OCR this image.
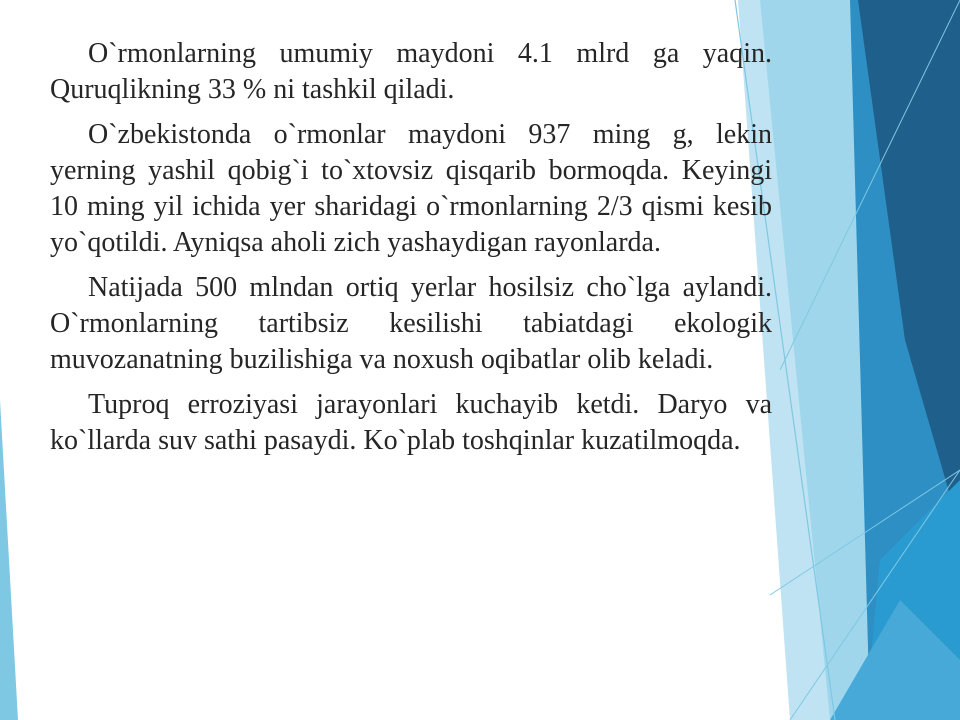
O`rmonlarning umumiy maydoni 4.1 mlrd ga yaqin. Quruqlikning 33 % ni tashkil qiladi.

O`zbekistonda o`rmonlar maydoni 937 ming g, lekin yerning yashil qobig`i to`xtovsiz qisqarib bormoqda. Keyingi 10 ming yil ichida yer sharidagi o`rmonlarning 2/3 qismi kesib yo`qotildi. Ayniqsa aholi zich yashaydigan rayonlarda.

Natijada 500 mlndan ortiq yerlar hosilsiz cho`lga aylandi. O`rmonlarning tartibsiz kesilishi tabiatdagi ekologik muvozanatning buzilishiga va noxush oqibatlar olib keladi.

Tuproq erroziyasi jarayonlari kuchayib ketdi. Daryo va ko`llarda suv sathi pasaydi. Ko`plab toshqinlar kuzatilmoqda.
